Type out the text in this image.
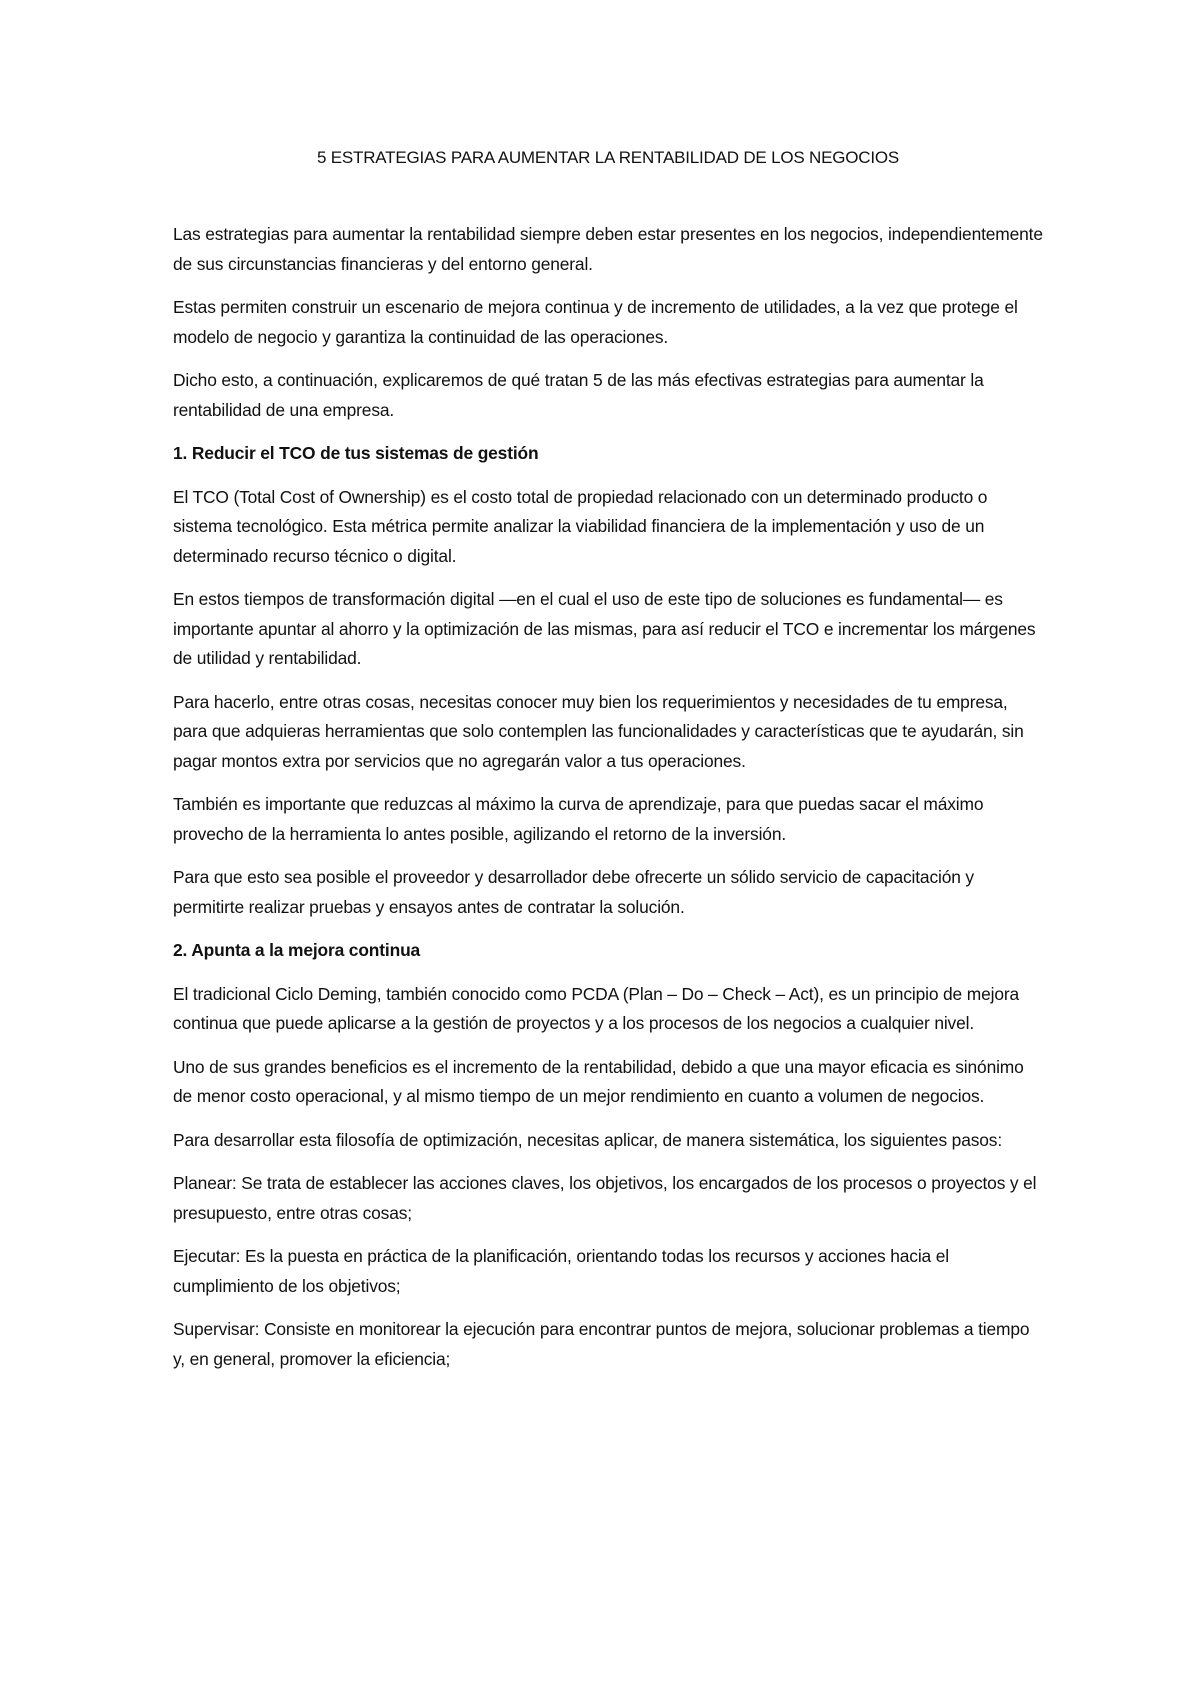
5 ESTRATEGIAS PARA AUMENTAR LA RENTABILIDAD DE LOS NEGOCIOS

Las estrategias para aumentar la rentabilidad siempre deben estar presentes en los negocios, independientemente de sus circunstancias financieras y del entorno general.

Estas permiten construir un escenario de mejora continua y de incremento de utilidades, a la vez que protege el modelo de negocio y garantiza la continuidad de las operaciones.

Dicho esto, a continuación, explicaremos de qué tratan 5 de las más efectivas estrategias para aumentar la rentabilidad de una empresa.

1. Reducir el TCO de tus sistemas de gestión

El TCO (Total Cost of Ownership) es el costo total de propiedad relacionado con un determinado producto o sistema tecnológico. Esta métrica permite analizar la viabilidad financiera de la implementación y uso de un determinado recurso técnico o digital.

En estos tiempos de transformación digital —en el cual el uso de este tipo de soluciones es fundamental— es importante apuntar al ahorro y la optimización de las mismas, para así reducir el TCO e incrementar los márgenes de utilidad y rentabilidad.

Para hacerlo, entre otras cosas, necesitas conocer muy bien los requerimientos y necesidades de tu empresa, para que adquieras herramientas que solo contemplen las funcionalidades y características que te ayudarán, sin pagar montos extra por servicios que no agregarán valor a tus operaciones.

También es importante que reduzcas al máximo la curva de aprendizaje, para que puedas sacar el máximo provecho de la herramienta lo antes posible, agilizando el retorno de la inversión.

Para que esto sea posible el proveedor y desarrollador debe ofrecerte un sólido servicio de capacitación y permitirte realizar pruebas y ensayos antes de contratar la solución.

2. Apunta a la mejora continua

El tradicional Ciclo Deming, también conocido como PCDA (Plan – Do – Check – Act), es un principio de mejora continua que puede aplicarse a la gestión de proyectos y a los procesos de los negocios a cualquier nivel.

Uno de sus grandes beneficios es el incremento de la rentabilidad, debido a que una mayor eficacia es sinónimo de menor costo operacional, y al mismo tiempo de un mejor rendimiento en cuanto a volumen de negocios.

Para desarrollar esta filosofía de optimización, necesitas aplicar, de manera sistemática, los siguientes pasos:

Planear: Se trata de establecer las acciones claves, los objetivos, los encargados de los procesos o proyectos y el presupuesto, entre otras cosas;

Ejecutar: Es la puesta en práctica de la planificación, orientando todas los recursos y acciones hacia el cumplimiento de los objetivos;

Supervisar: Consiste en monitorear la ejecución para encontrar puntos de mejora, solucionar problemas a tiempo y, en general, promover la eficiencia;
